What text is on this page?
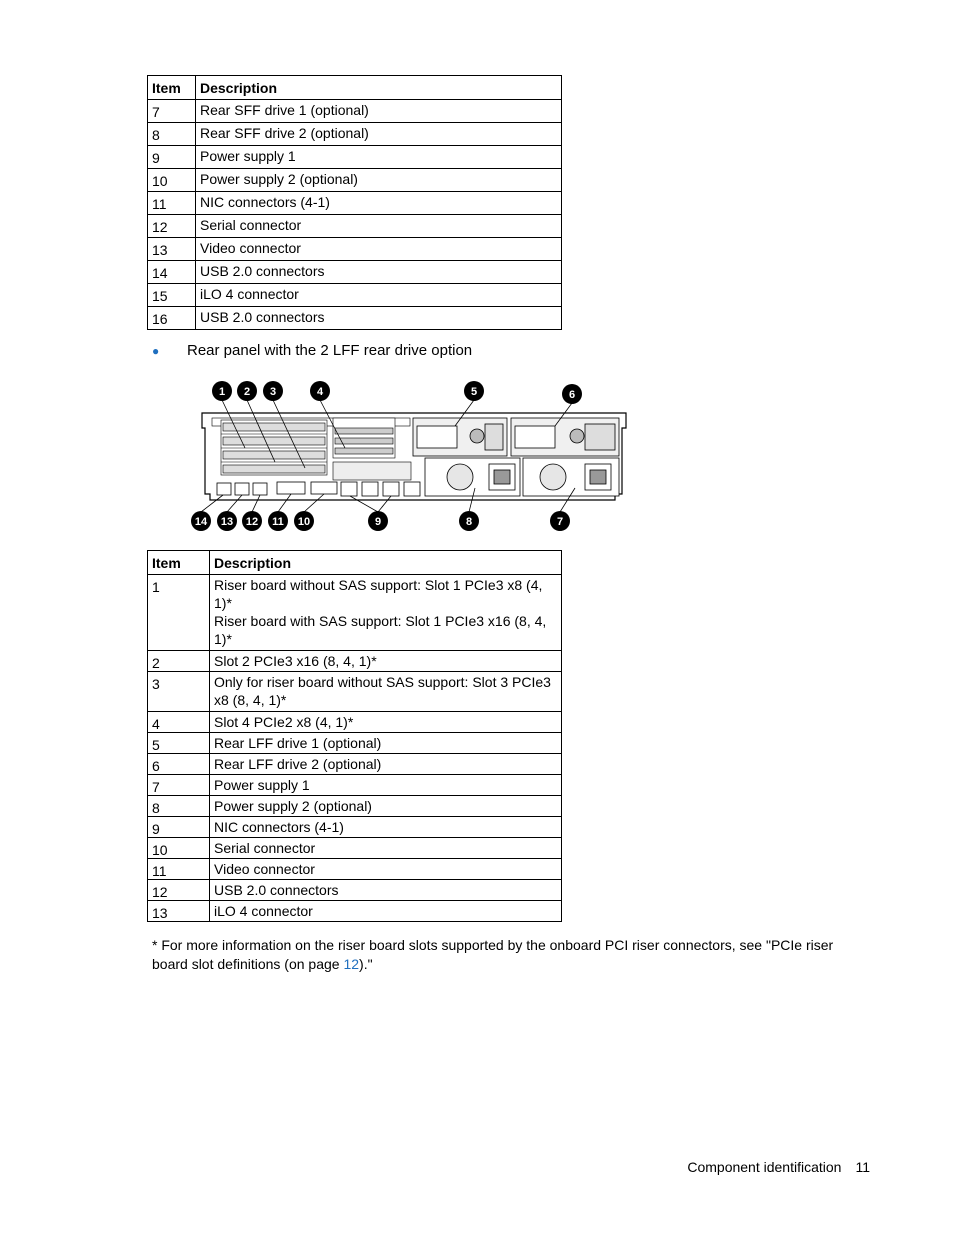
Item	Description
7	Rear SFF drive 1 (optional)
8	Rear SFF drive 2 (optional)
9	Power supply 1
10	Power supply 2 (optional)
11	NIC connectors (4-1)
12	Serial connector
13	Video connector
14	USB 2.0 connectors
15	iLO 4 connector
16	USB 2.0 connectors
● Rear panel with the 2 LFF rear drive option
1 2 3	4	5	6
14 13 12 11 10	9	8	7
Item	Description
1	Riser board without SAS support: Slot 1 PCIe3 x8 (4, 1)*
Riser board with SAS support: Slot 1 PCIe3 x16 (8, 4, 1)*

2	Slot 2 PCIe3 x16 (8, 4, 1)*
3	Only for riser board without SAS support: Slot 3 PCIe3 x8 (8, 4, 1)*
4	Slot 4 PCIe2 x8 (4, 1)*
5	Rear LFF drive 1 (optional)
6	Rear LFF drive 2 (optional)
7	Power supply 1
8	Power supply 2 (optional)
9	NIC connectors (4-1)
10	Serial connector
11	Video connector
12	USB 2.0 connectors
13	iLO 4 connector
* For more information on the riser board slots supported by the onboard PCI riser connectors, see "PCIe riser board slot definitions (on page 12)."
Component identification 11
